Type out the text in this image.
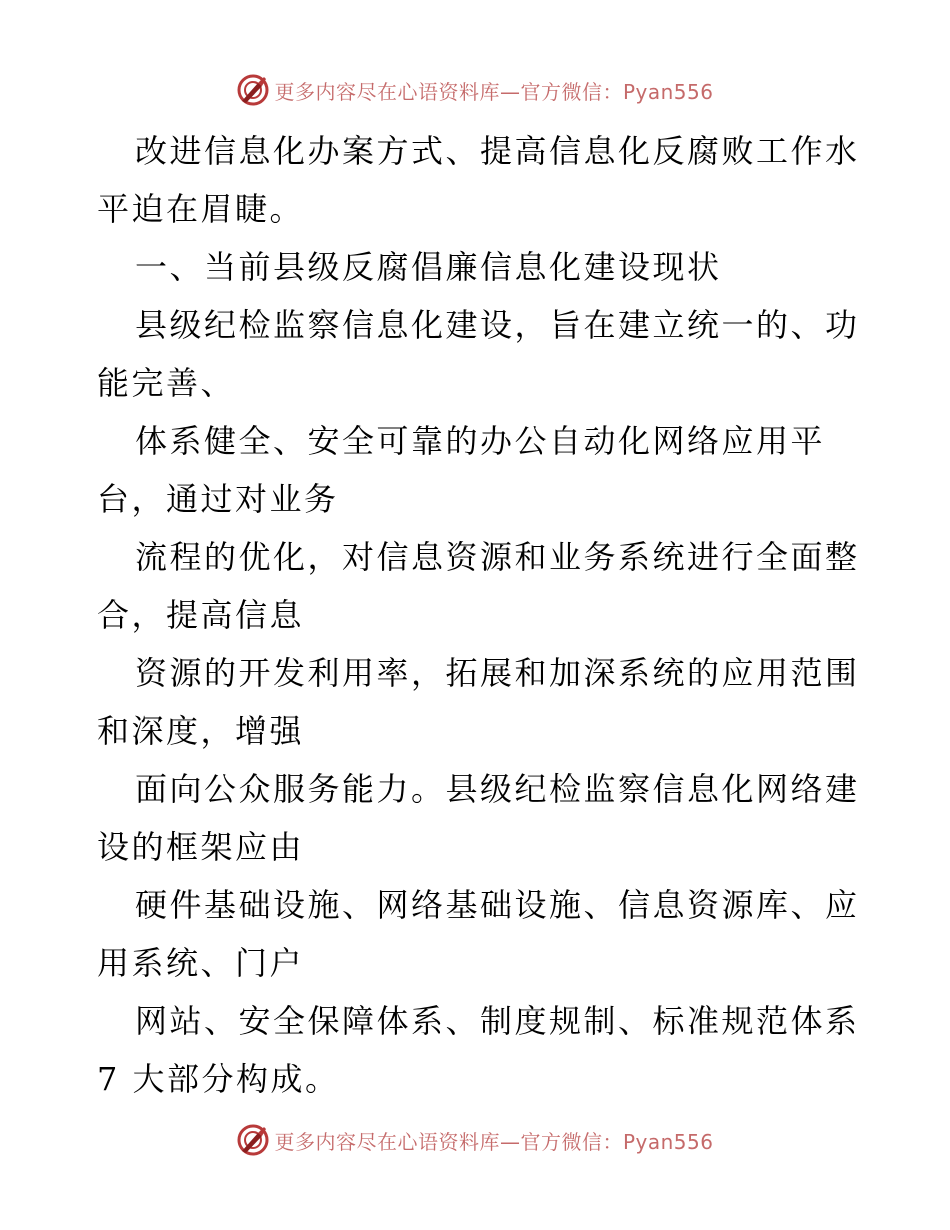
更多内容尽在心语资料库—官方微信：Pyan556
改进信息化办案方式、提高信息化反腐败工作水
平迫在眉睫。
一、当前县级反腐倡廉信息化建设现状
县级纪检监察信息化建设，旨在建立统一的、功
能完善、
体系健全、安全可靠的办公自动化网络应用平
台，通过对业务
流程的优化，对信息资源和业务系统进行全面整
合，提高信息
资源的开发利用率，拓展和加深系统的应用范围
和深度，增强
面向公众服务能力。县级纪检监察信息化网络建
设的框架应由
硬件基础设施、网络基础设施、信息资源库、应
用系统、门户
网站、安全保障体系、制度规制、标准规范体系
7 大部分构成。
更多内容尽在心语资料库—官方微信：Pyan556
